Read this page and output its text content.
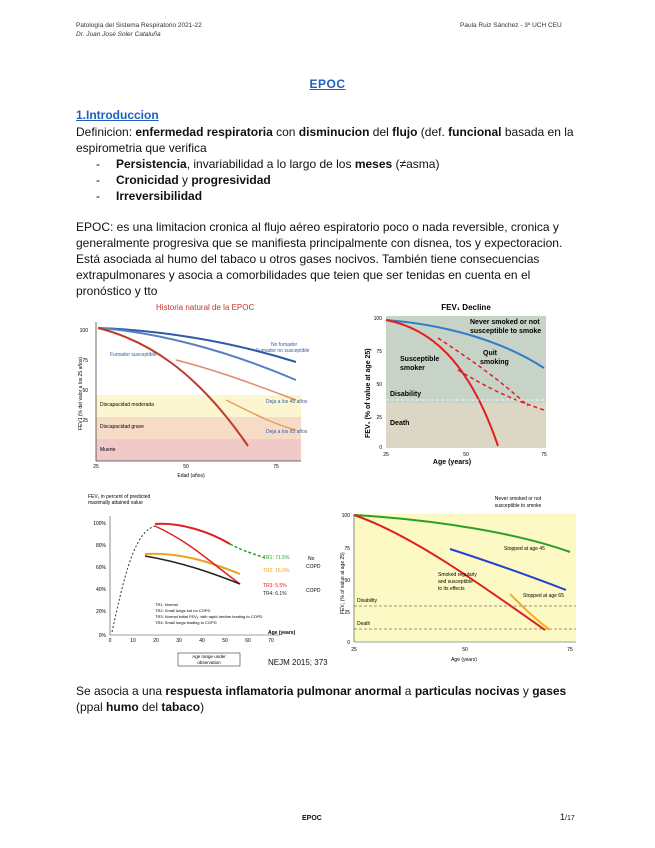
Patología del Sistema Respiratorio 2021-22
Dr. Juan José Soler Cataluña
Paula Ruiz Sánchez - 3º UCH CEU
EPOC
1.Introduccion
Definicion: enfermedad respiratoria con disminucion del flujo (def. funcional basada en la
espirometria que verifica
- Persistencia, invariabilidad a lo largo de los meses (≠asma)
- Cronicidad y progresividad
- Irreversibilidad
EPOC: es una limitacion cronica al flujo aéreo espiratorio poco o nada reversible, cronica y
generalmente progresiva que se manifiesta principalmente con disnea, tos y expectoracion.
Está asociada al humo del tabaco u otros gases nocivos. También tiene consecuencias
extrapulmonares y asocia a comorbilidades que teien que ser tenidas en cuenta en el
pronóstico y tto
Historia natural de la EPOC
No fumador
Fumador no susceptible
Fumador susceptible
Deja a los 45 años
Deja a los 65 años
Discapacidad moderada
Discapacidad grave
Muerte
100
75
50
25
25	50	75
Edad (años)
FEV1 (% del valor a los 25 años)
FEV₁ Decline
Never smoked or not
susceptible to smoke
Quit
smoking
Susceptible
smoker
Disability
Death
100
75
50
25
0
25	50	75
Age (years)
FEV₁ (% of value at age 25)
FEV₁ in percent of predicted
maximally attained value
100%
80%
60%
40%
20%
0%
TR1: 71.5%
TR2: 16.9%
TR3: 5.5%
TR4: 6.1%
No
COPD
COPD
TR1: Normal
TR2: Small lungs but no COPD
TR3: Normal initial FEV₁, with rapid decline leading to COPD
TR4: Small lungs leading to COPD
0	10	20	30	40	50	60	70
Age (years)
Age range under
observation	NEJM 2015; 373
Never smoked or not
susceptible to smoke
Stopped at age 45
Stopped at age 65
Smoked regularly
and susceptible
to its effects
Disability
Death
100
75
50
25
0
25	50	75
Age (years)
FEV₁ (% of value at age 25)
Se asocia a una respuesta inflamatoria pulmonar anormal a particulas nocivas y gases
(ppal humo del tabaco)
EPOC	1/17
